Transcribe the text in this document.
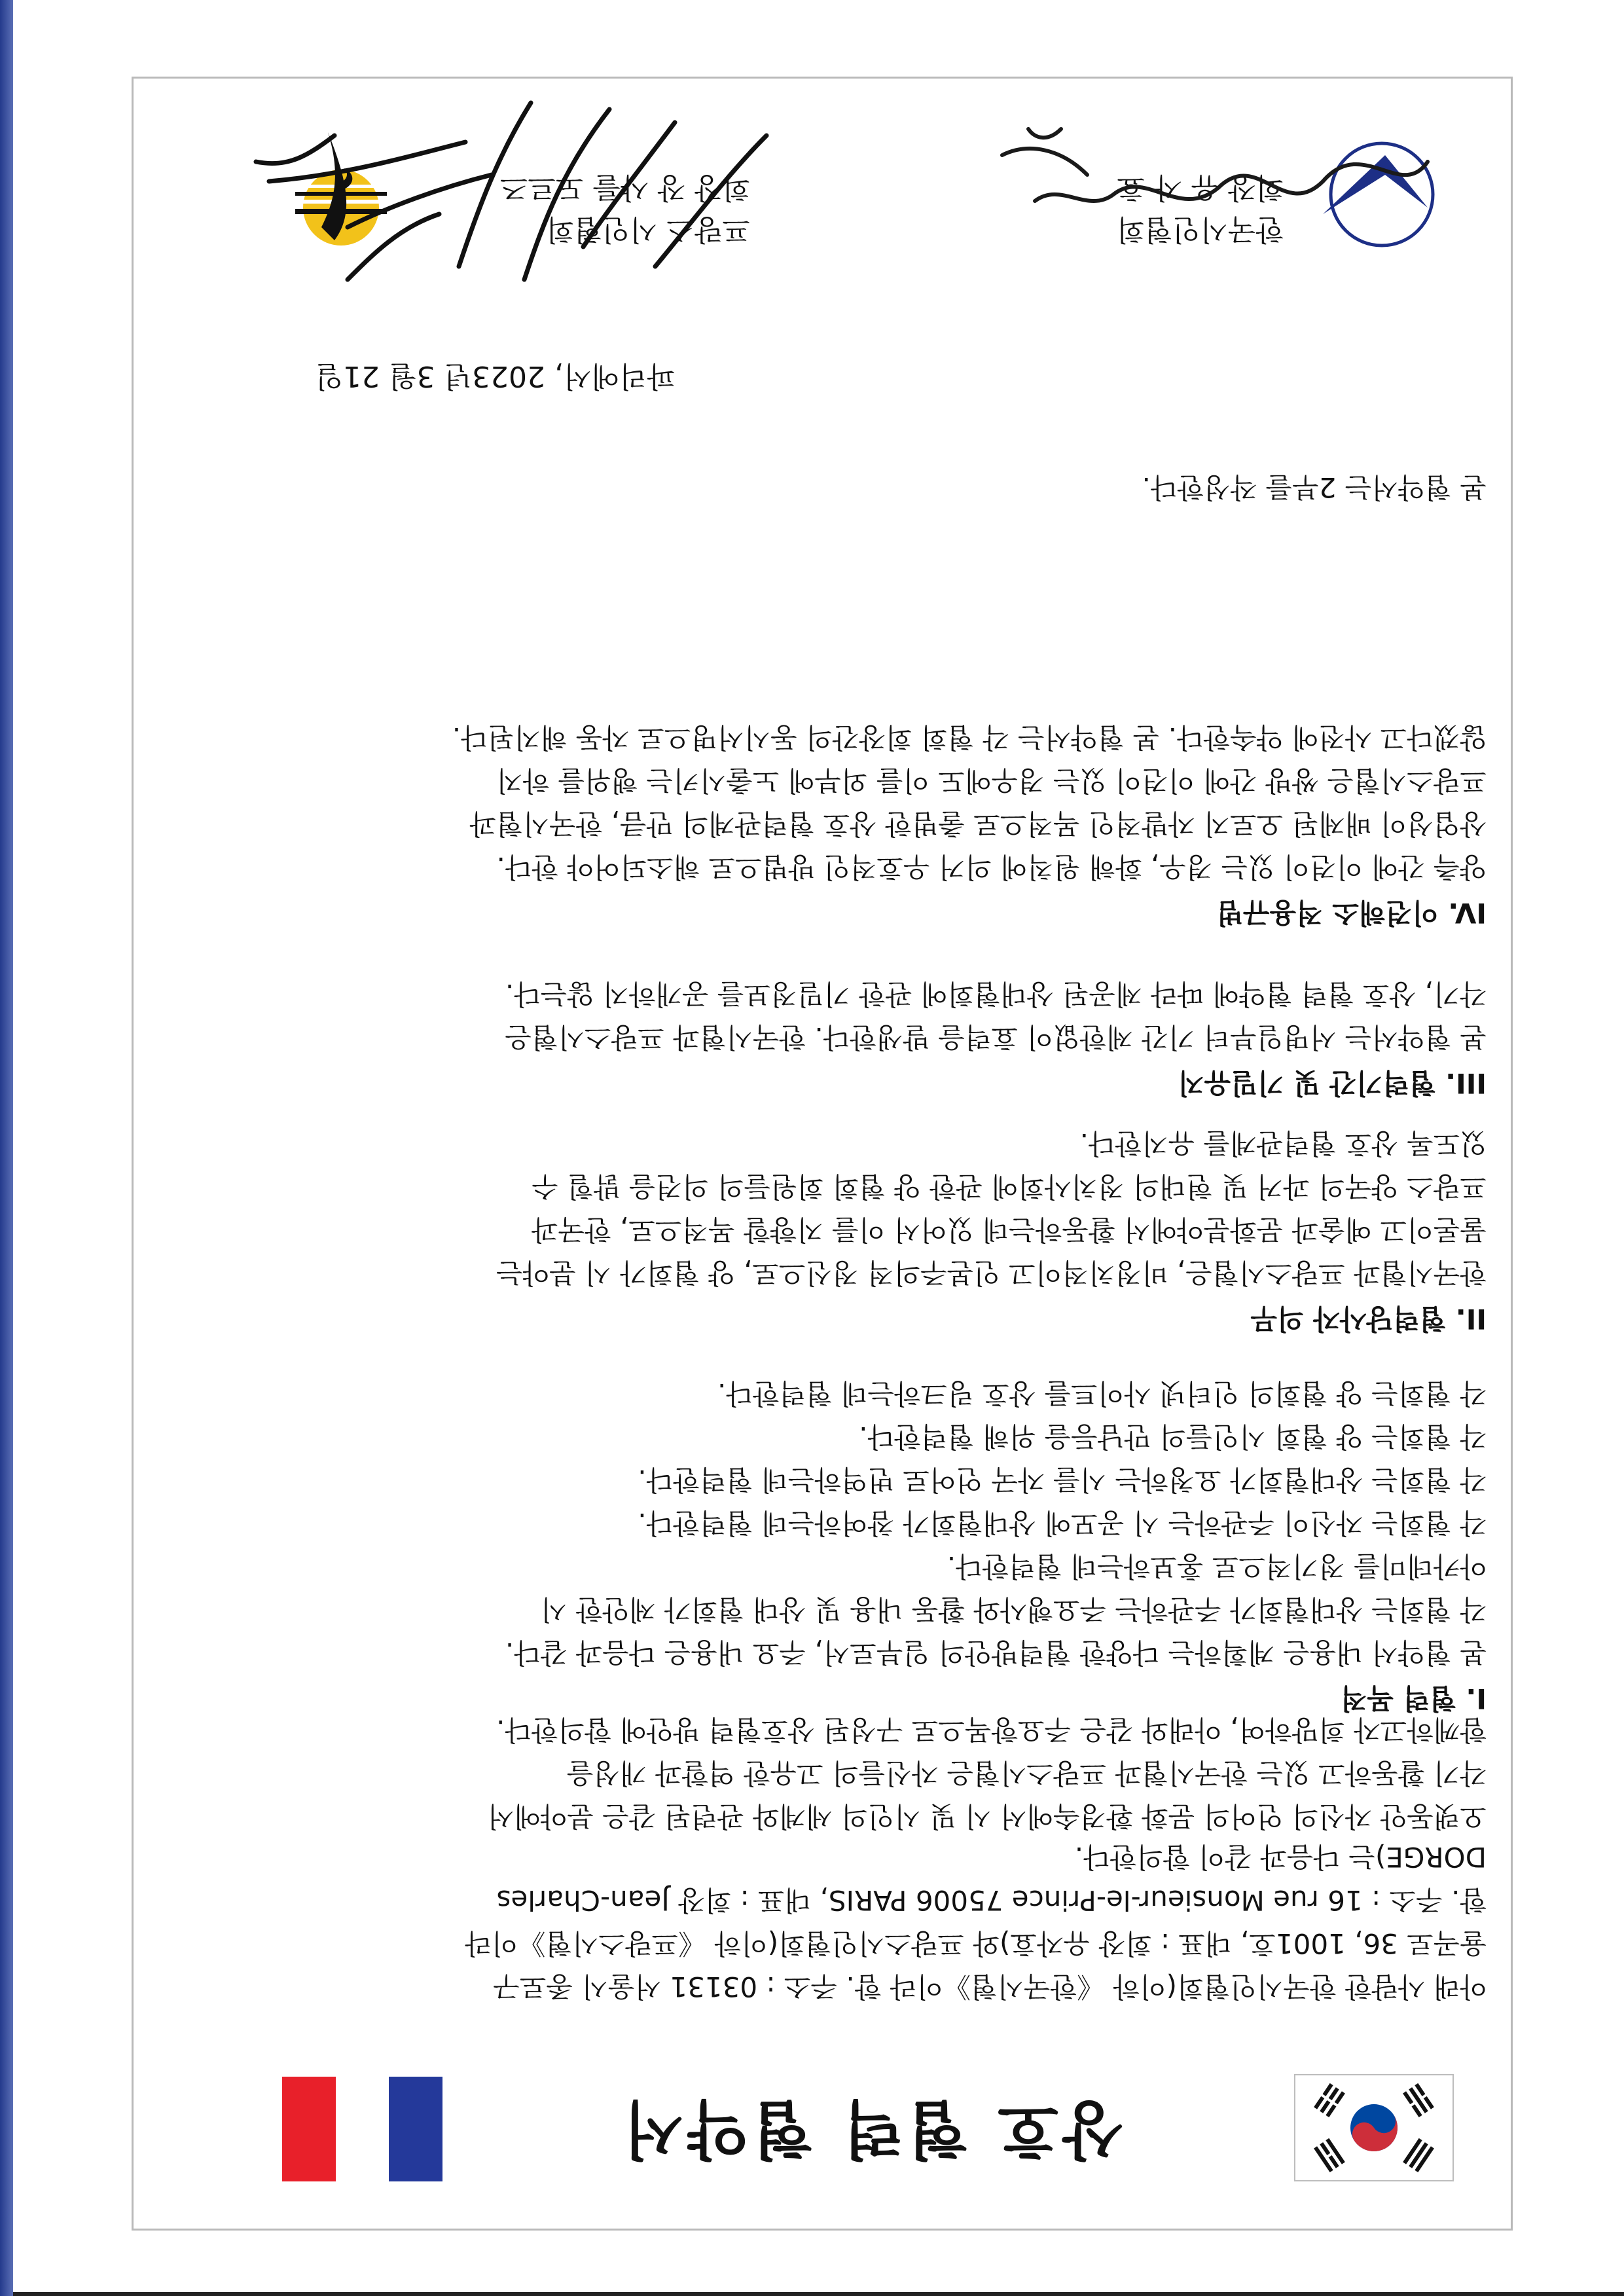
상호 협력 협약서

아래 사람한 한국시인협회(이하 《한국시협》이라 함. 주소 : 03131 서울시 종로구
율곡로 36, 1001호, 대표 : 회장 유자효)와 프랑스시인협회(이하 《프랑스시협》이라
함. 주소 : 16 rue Monsieur-le-Prince 75006 PARIS, 대표 : 회장 Jean-Charles
DORGE)는 다음과 같이 합의한다.

오랫동안 자신의 언어의 문화 환경속에서 시 및 시인의 세계와 관련된 같은 분야에서
각기 활동하고 있는 한국시협과 프랑스시협은 자신들의 고유한 역할과 개성을
함께하고자 희망하여, 아래와 같은 주요항목으로 구성된 상호협력 방안에 합의한다.

I. 협력 목적

본 협약서 내용은 계획하는 다양한 협력방안의 일부로서, 주요 내용은 다음과 같다.
각 협회는 상대협회가 주관하는 주요행사와 활동 내용 및 상대 협회가 제안한 시
아카데미를 정기적으로 홍보하는데 협력한다.
각 협회는 자신이 주관하는 시 공모에 상대협회가 참여하는데 협력한다.
각 협회는 상대협회가 요청하는 시를 자국 언어로 번역하는데 협력한다.
각 협회는 양 협회 시인들의 만남등을 위해 협력한다.
각 협회는 양 협회의 인터넷 사이트를 상호 링크하는데 협력한다.

II. 협력당사자 의무

한국시협과 프랑스시협은, 비정치적이고 인본주의적 정신으로, 양 협회가 시 분야는
물론이고 예술과 문화분야에서 활동하는데 있어서 이를 지향할 목적으로, 한국과
프랑스 양국의 과거 및 현대의 정치사회에 관한 양 협회 회원들의 의견을 밝힐 수
있도록 상호 협력관계를 유지한다.

III. 협력기간 및 기밀유지

본 협약서는 서명일부터 기간 제한없이 효력을 발생한다. 한국시협과 프랑스시협은
각기, 상호 협력 협약에 따라 제공된 상대협회에 관한 기밀정보를 공개하지 않는다.

IV. 이견해소 적용규범

양측 간에 이견이 있는 경우, 화해 원칙에 의거 우호적인 방법으로 해소되어야 한다.
상업성이 배제된 오로지 자발적인 목적으로 출범한 상호 협력관계의 만큼, 한국시협과
프랑스시협은 쌍방 간에 이견이 있는 경우에도 이를 외부에 노출시키는 행위를 하지
않겠다고 사전에 약속한다. 본 협약서는 각 협회 회장간의 동시서명으로 자동 해지된다.

본 협약서는 2부를 작성한다.

파리에서, 2023년 3월 21일

한국시인협회
회장 유 자 효
프랑스 시인협회
회장 장 샤를 도르즈
